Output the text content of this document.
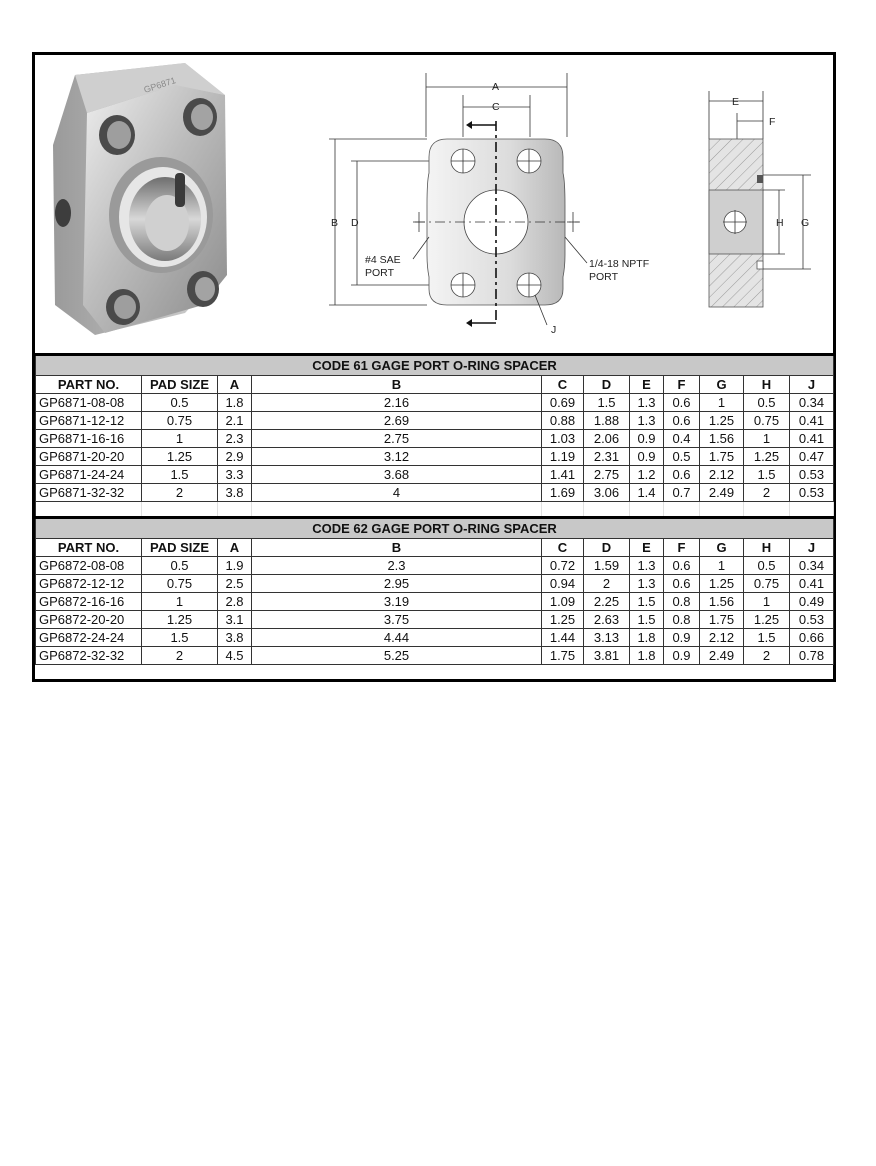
GP6871	A
C
B D
#4 SAE
PORT
1/4-18 NPTF
PORT
J
E
F
H G
CODE 61 GAGE PORT O-RING SPACER										
PART NO.	PAD SIZE	A	B	C	D	E	F	G	H	J
GP6871-08-08	0.5	1.8	2.16	0.69	1.5	1.3	0.6	1	0.5	0.34
GP6871-12-12	0.75	2.1	2.69	0.88	1.88	1.3	0.6	1.25	0.75	0.41
GP6871-16-16	1	2.3	2.75	1.03	2.06	0.9	0.4	1.56	1	0.41
GP6871-20-20	1.25	2.9	3.12	1.19	2.31	0.9	0.5	1.75	1.25	0.47
GP6871-24-24	1.5	3.3	3.68	1.41	2.75	1.2	0.6	2.12	1.5	0.53
GP6871-32-32	2	3.8	4	1.69	3.06	1.4	0.7	2.49	2	0.53

CODE 62 GAGE PORT O-RING SPACER										
PART NO.	PAD SIZE	A	B	C	D	E	F	G	H	J
GP6872-08-08	0.5	1.9	2.3	0.72	1.59	1.3	0.6	1	0.5	0.34
GP6872-12-12	0.75	2.5	2.95	0.94	2	1.3	0.6	1.25	0.75	0.41
GP6872-16-16	1	2.8	3.19	1.09	2.25	1.5	0.8	1.56	1	0.49
GP6872-20-20	1.25	3.1	3.75	1.25	2.63	1.5	0.8	1.75	1.25	0.53
GP6872-24-24	1.5	3.8	4.44	1.44	3.13	1.8	0.9	2.12	1.5	0.66
GP6872-32-32	2	4.5	5.25	1.75	3.81	1.8	0.9	2.49	2	0.78
